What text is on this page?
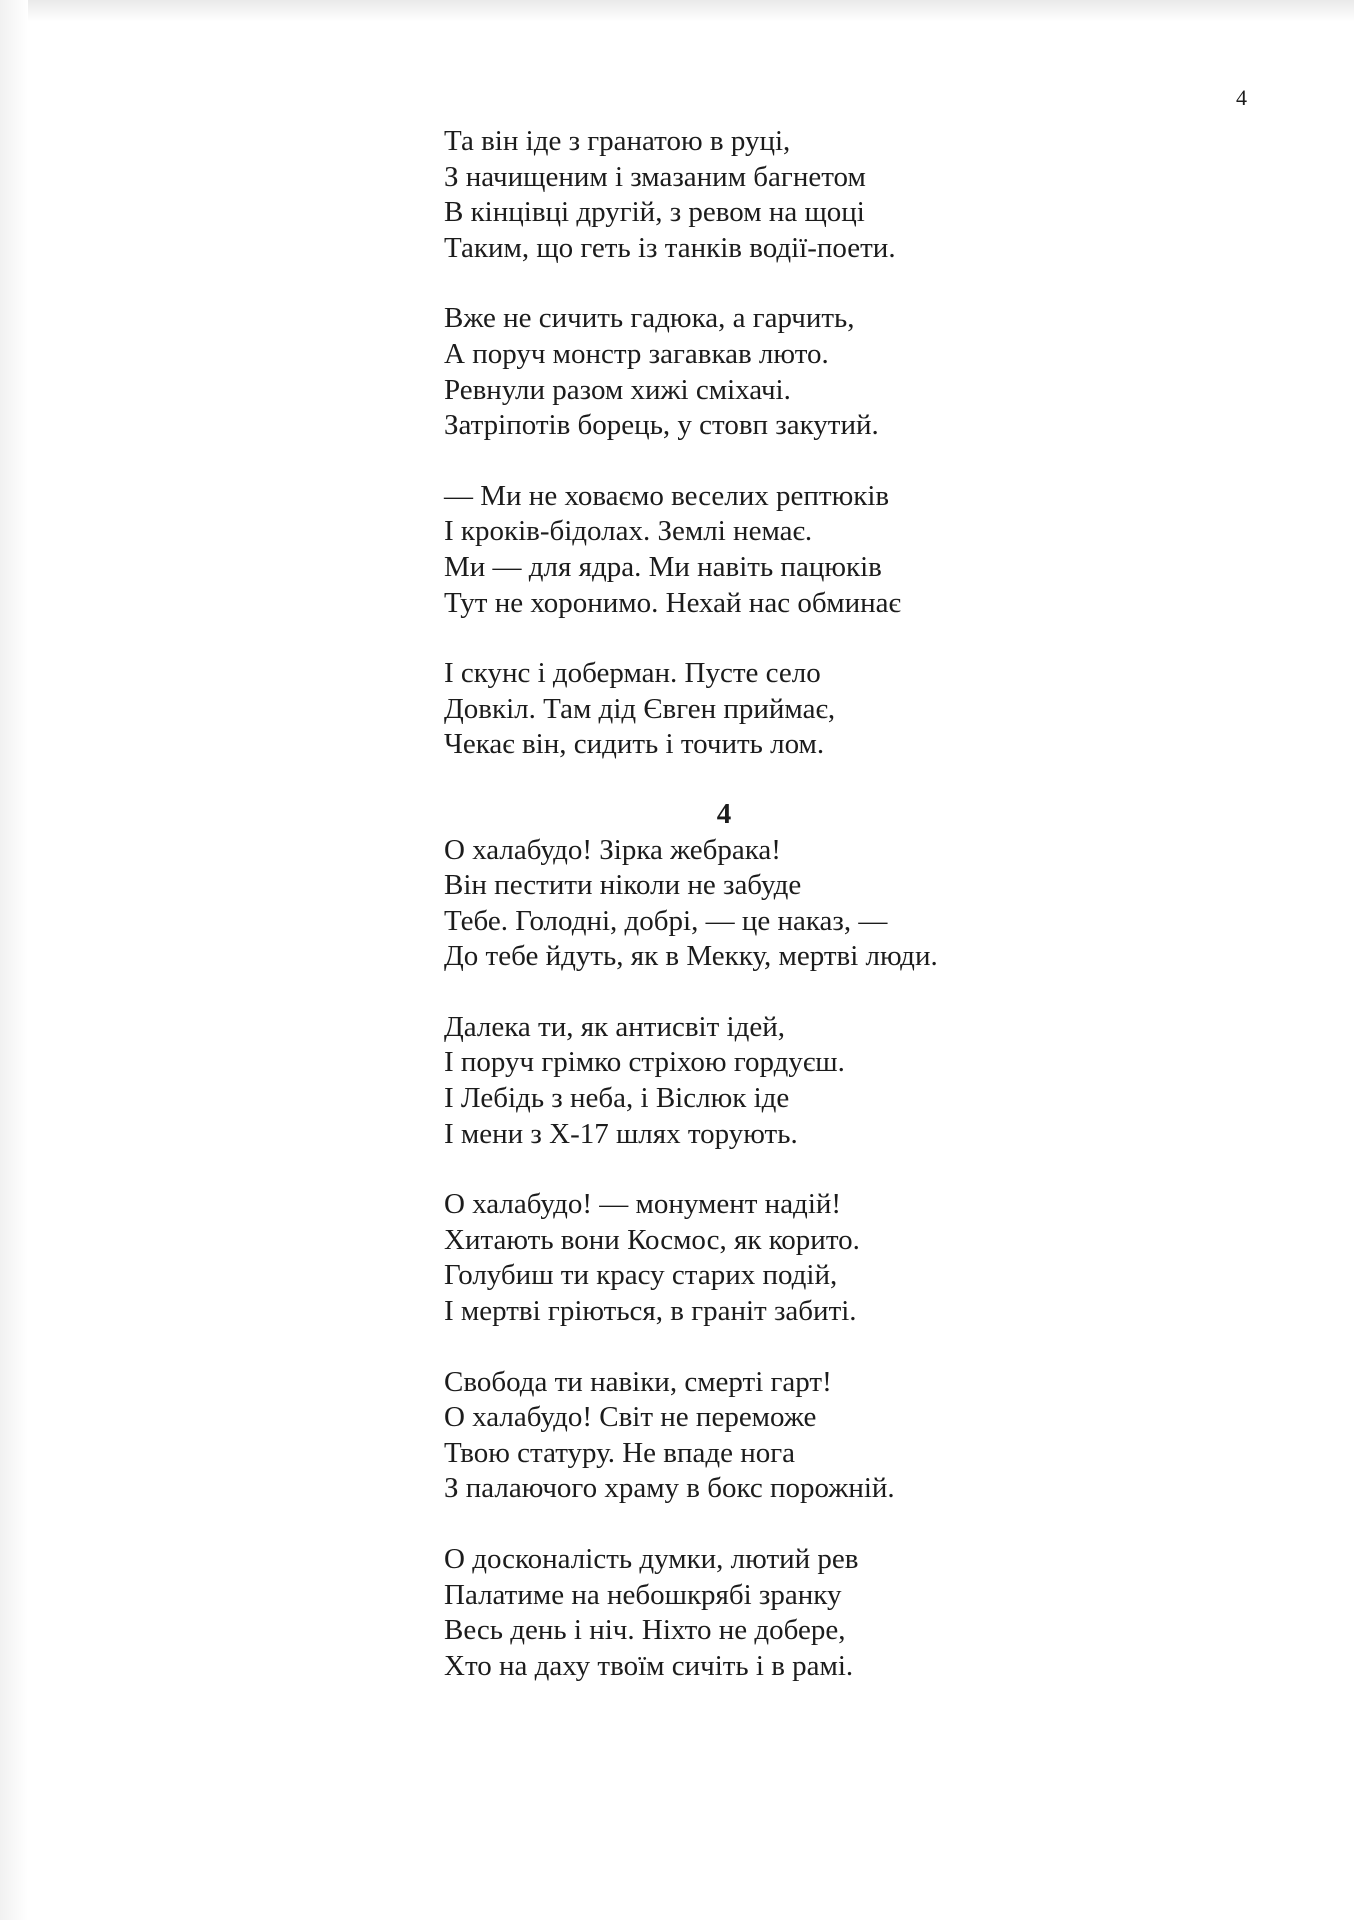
4
Та він іде з гранатою в руці,
З начищеним і змазаним багнетом
В кінцівці другій, з ревом на щоці
Таким, що геть із танків водії-поети.
Вже не сичить гадюка, а гарчить,
А поруч монстр загавкав люто.
Ревнули разом хижі сміхачі.
Затріпотів борець, у стовп закутий.
— Ми не ховаємо веселих рептюків
І кроків-бідолах. Землі немає.
Ми — для ядра. Ми навіть пацюків
Тут не хоронимо. Нехай нас обминає
І скунс і доберман. Пусте село
Довкіл. Там дід Євген приймає,
Чекає він, сидить і точить лом.
4
О халабудо! Зірка жебрака!
Він пестити ніколи не забуде
Тебе. Голодні, добрі, — це наказ, —
До тебе йдуть, як в Мекку, мертві люди.
Далека ти, як антисвіт ідей,
І поруч грімко стріхою гордуєш.
І Лебідь з неба, і Віслюк іде
І мени з Х-17 шлях торують.
О халабудо! — монумент надій!
Хитають вони Космос, як корито.
Голубиш ти красу старих подій,
І мертві гріються, в граніт забиті.
Свобода ти навіки, смерті гарт!
О халабудо! Світ не переможе
Твою статуру. Не впаде нога
З палаючого храму в бокс порожній.
О досконалість думки, лютий рев
Палатиме на небошкрябі зранку
Весь день і ніч. Ніхто не добере,
Хто на даху твоїм сичіть і в рамі.
